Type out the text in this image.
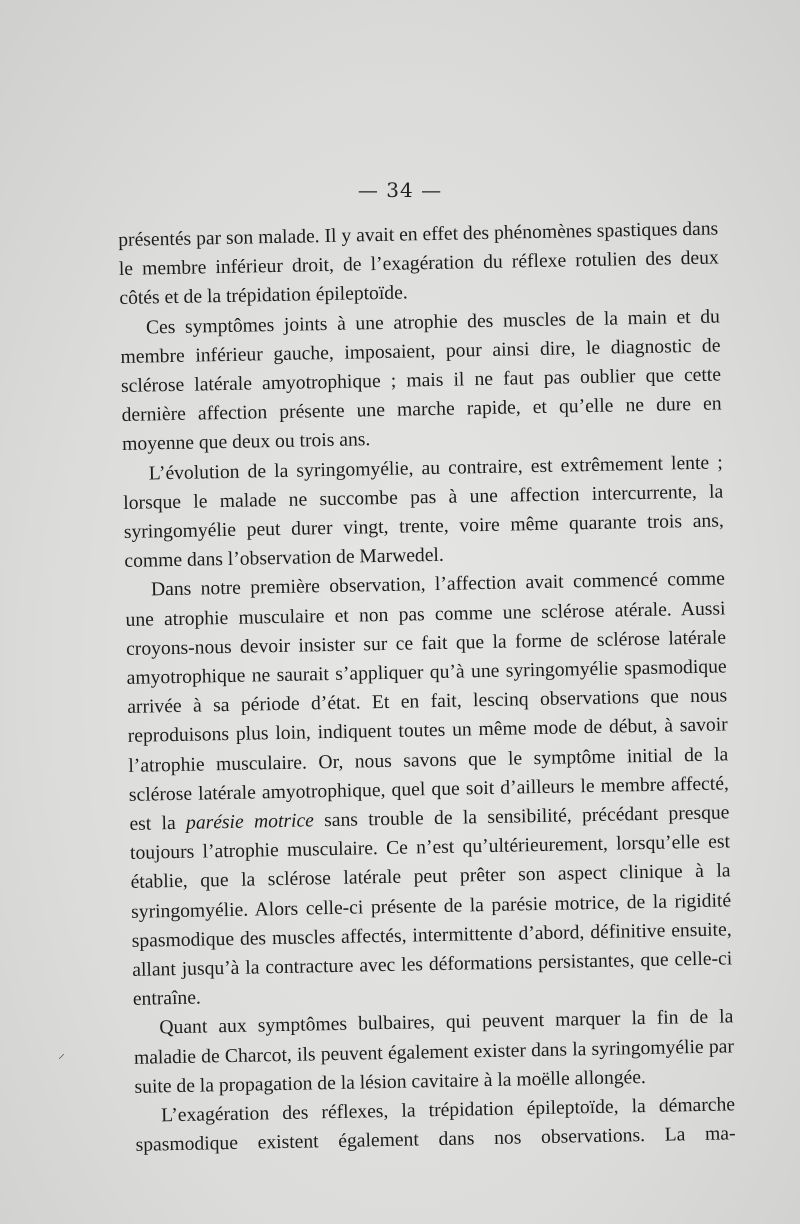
— 34 —

présentés par son malade. Il y avait en effet des phénomènes spastiques dans le membre inférieur droit, de l’exagération du réflexe rotulien des deux côtés et de la trépidation épileptoïde.

Ces symptômes joints à une atrophie des muscles de la main et du membre inférieur gauche, imposaient, pour ainsi dire, le diagnostic de sclérose latérale amyotrophique ; mais il ne faut pas oublier que cette dernière affection présente une marche rapide, et qu’elle ne dure en moyenne que deux ou trois ans.

L’évolution de la syringomyélie, au contraire, est extrêmement lente ; lorsque le malade ne succombe pas à une affection intercurrente, la syringomyélie peut durer vingt, trente, voire même quarante trois ans, comme dans l’observation de Marwedel.

Dans notre première observation, l’affection avait commencé comme une atrophie musculaire et non pas comme une sclérose atérale. Aussi croyons-nous devoir insister sur ce fait que la forme de sclérose latérale amyotrophique ne saurait s’appliquer qu’à une syringomyélie spasmodique arrivée à sa période d’état. Et en fait, lescinq observations que nous reproduisons plus loin, indiquent toutes un même mode de début, à savoir l’atrophie musculaire. Or, nous savons que le symptôme initial de la sclérose latérale amyotrophique, quel que soit d’ailleurs le membre affecté, est la parésie motrice sans trouble de la sensibilité, précédant presque toujours l’atrophie musculaire. Ce n’est qu’ultérieurement, lorsqu’elle est établie, que la sclérose latérale peut prêter son aspect clinique à la syringomyélie. Alors celle-ci présente de la parésie motrice, de la rigidité spasmodique des muscles affectés, intermittente d’abord, définitive ensuite, allant jusqu’à la contracture avec les déformations persistantes, que celle-ci entraîne.

Quant aux symptômes bulbaires, qui peuvent marquer la fin de la maladie de Charcot, ils peuvent également exister dans la syringomyélie par suite de la propagation de la lésion cavitaire à la moëlle allongée.

L’exagération des réflexes, la trépidation épileptoïde, la démarche spasmodique existent également dans nos observations. La ma-

⸝
